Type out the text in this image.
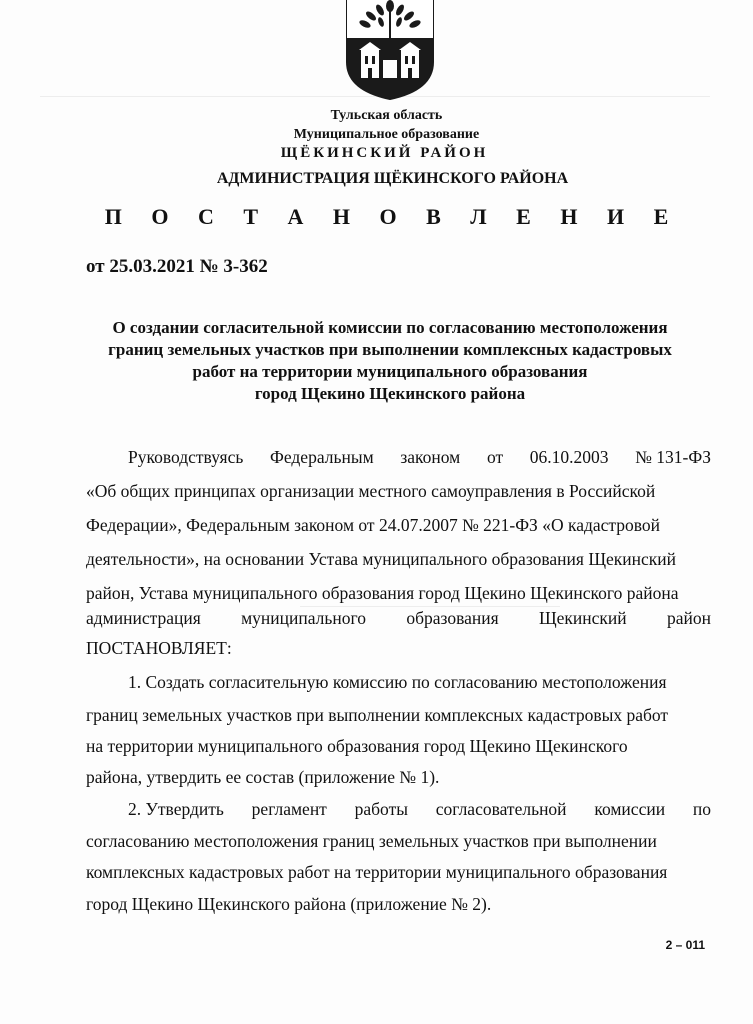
Тульская область
Муниципальное образование
ЩЁКИНСКИЙ РАЙОН
АДМИНИСТРАЦИЯ ЩЁКИНСКОГО РАЙОНА
П О С Т А Н О В Л Е Н И Е
от 25.03.2021 № 3-362
О создании согласительной комиссии по согласованию местоположения
границ земельных участков при выполнении комплексных кадастровых
работ на территории муниципального образования
город Щекино Щекинского района
Руководствуясь Федеральным законом от 06.10.2003 № 131-ФЗ
«Об общих принципах организации местного самоуправления в Российской
Федерации», Федеральным законом от 24.07.2007 № 221-ФЗ «О кадастровой
деятельности», на основании Устава муниципального образования Щекинский
район, Устава муниципального образования город Щекино Щекинского района
администрация муниципального образования Щекинский район
ПОСТАНОВЛЯЕТ:
1. Создать согласительную комиссию по согласованию местоположения
границ земельных участков при выполнении комплексных кадастровых работ
на территории муниципального образования город Щекино Щекинского
района, утвердить ее состав (приложение № 1).
2. Утвердить регламент работы согласовательной комиссии по
согласованию местоположения границ земельных участков при выполнении
комплексных кадастровых работ на территории муниципального образования
город Щекино Щекинского района (приложение № 2).
2 – 011
